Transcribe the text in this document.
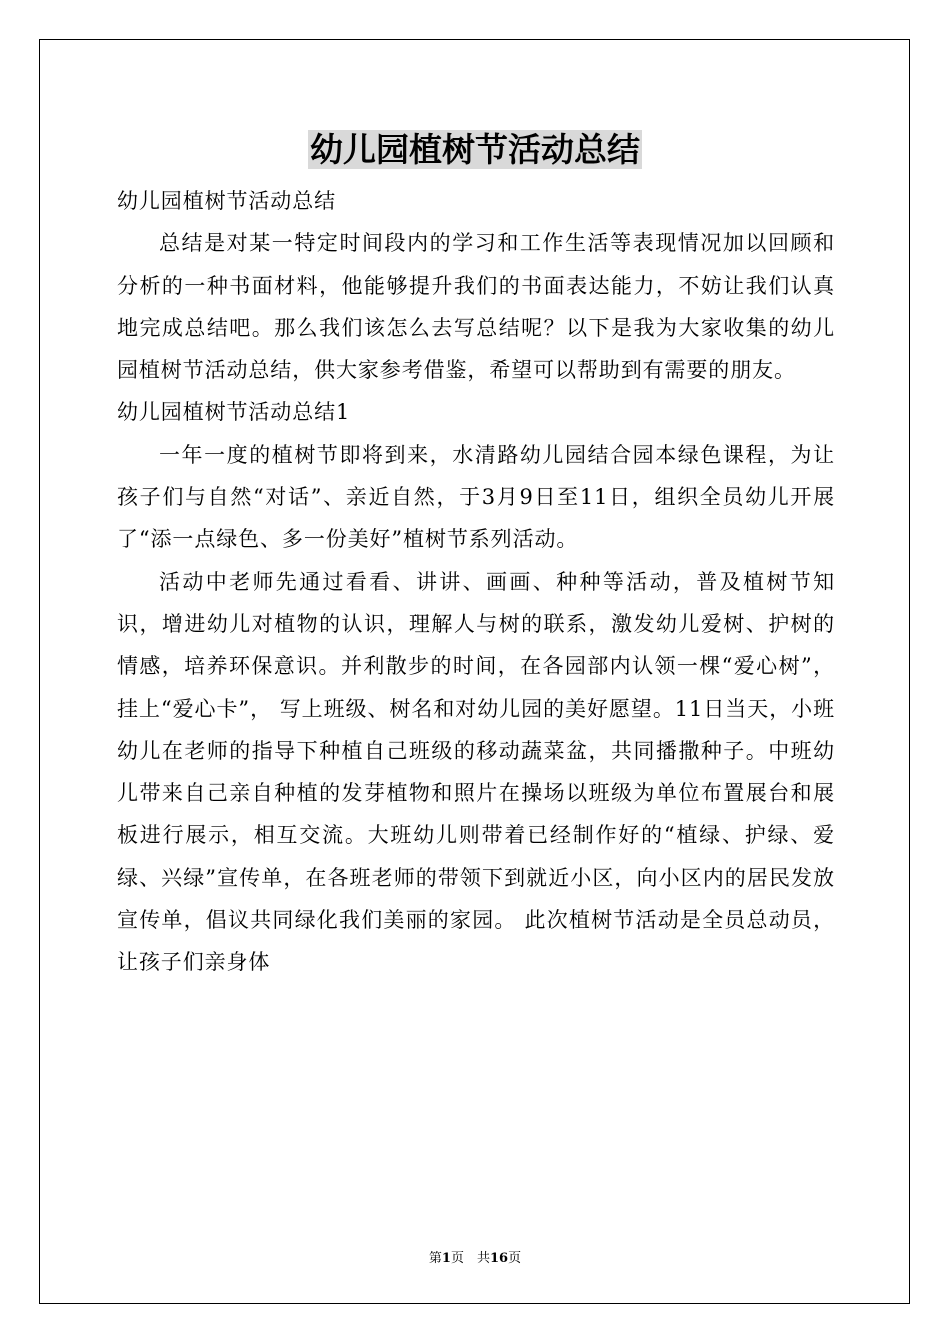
幼儿园植树节活动总结

幼儿园植树节活动总结

总结是对某一特定时间段内的学习和工作生活等表现情况加以回顾和分析的一种书面材料，他能够提升我们的书面表达能力，不妨让我们认真地完成总结吧。那么我们该怎么去写总结呢？以下是我为大家收集的幼儿园植树节活动总结，供大家参考借鉴，希望可以帮助到有需要的朋友。

幼儿园植树节活动总结1

一年一度的植树节即将到来，水清路幼儿园结合园本绿色课程，为让孩子们与自然“对话”、亲近自然，于3月9日至11日，组织全员幼儿开展了“添一点绿色、多一份美好”植树节系列活动。

活动中老师先通过看看、讲讲、画画、种种等活动，普及植树节知识，增进幼儿对植物的认识，理解人与树的联系，激发幼儿爱树、护树的情感，培养环保意识。并利散步的时间，在各园部内认领一棵“爱心树”，挂上“爱心卡”， 写上班级、树名和对幼儿园的美好愿望。11日当天，小班幼儿在老师的指导下种植自己班级的移动蔬菜盆，共同播撒种子。中班幼儿带来自己亲自种植的发芽植物和照片在操场以班级为单位布置展台和展板进行展示，相互交流。大班幼儿则带着已经制作好的“植绿、护绿、爱绿、兴绿”宣传单，在各班老师的带领下到就近小区，向小区内的居民发放宣传单，倡议共同绿化我们美丽的家园。 此次植树节活动是全员总动员，让孩子们亲身体

第1页　共16页
